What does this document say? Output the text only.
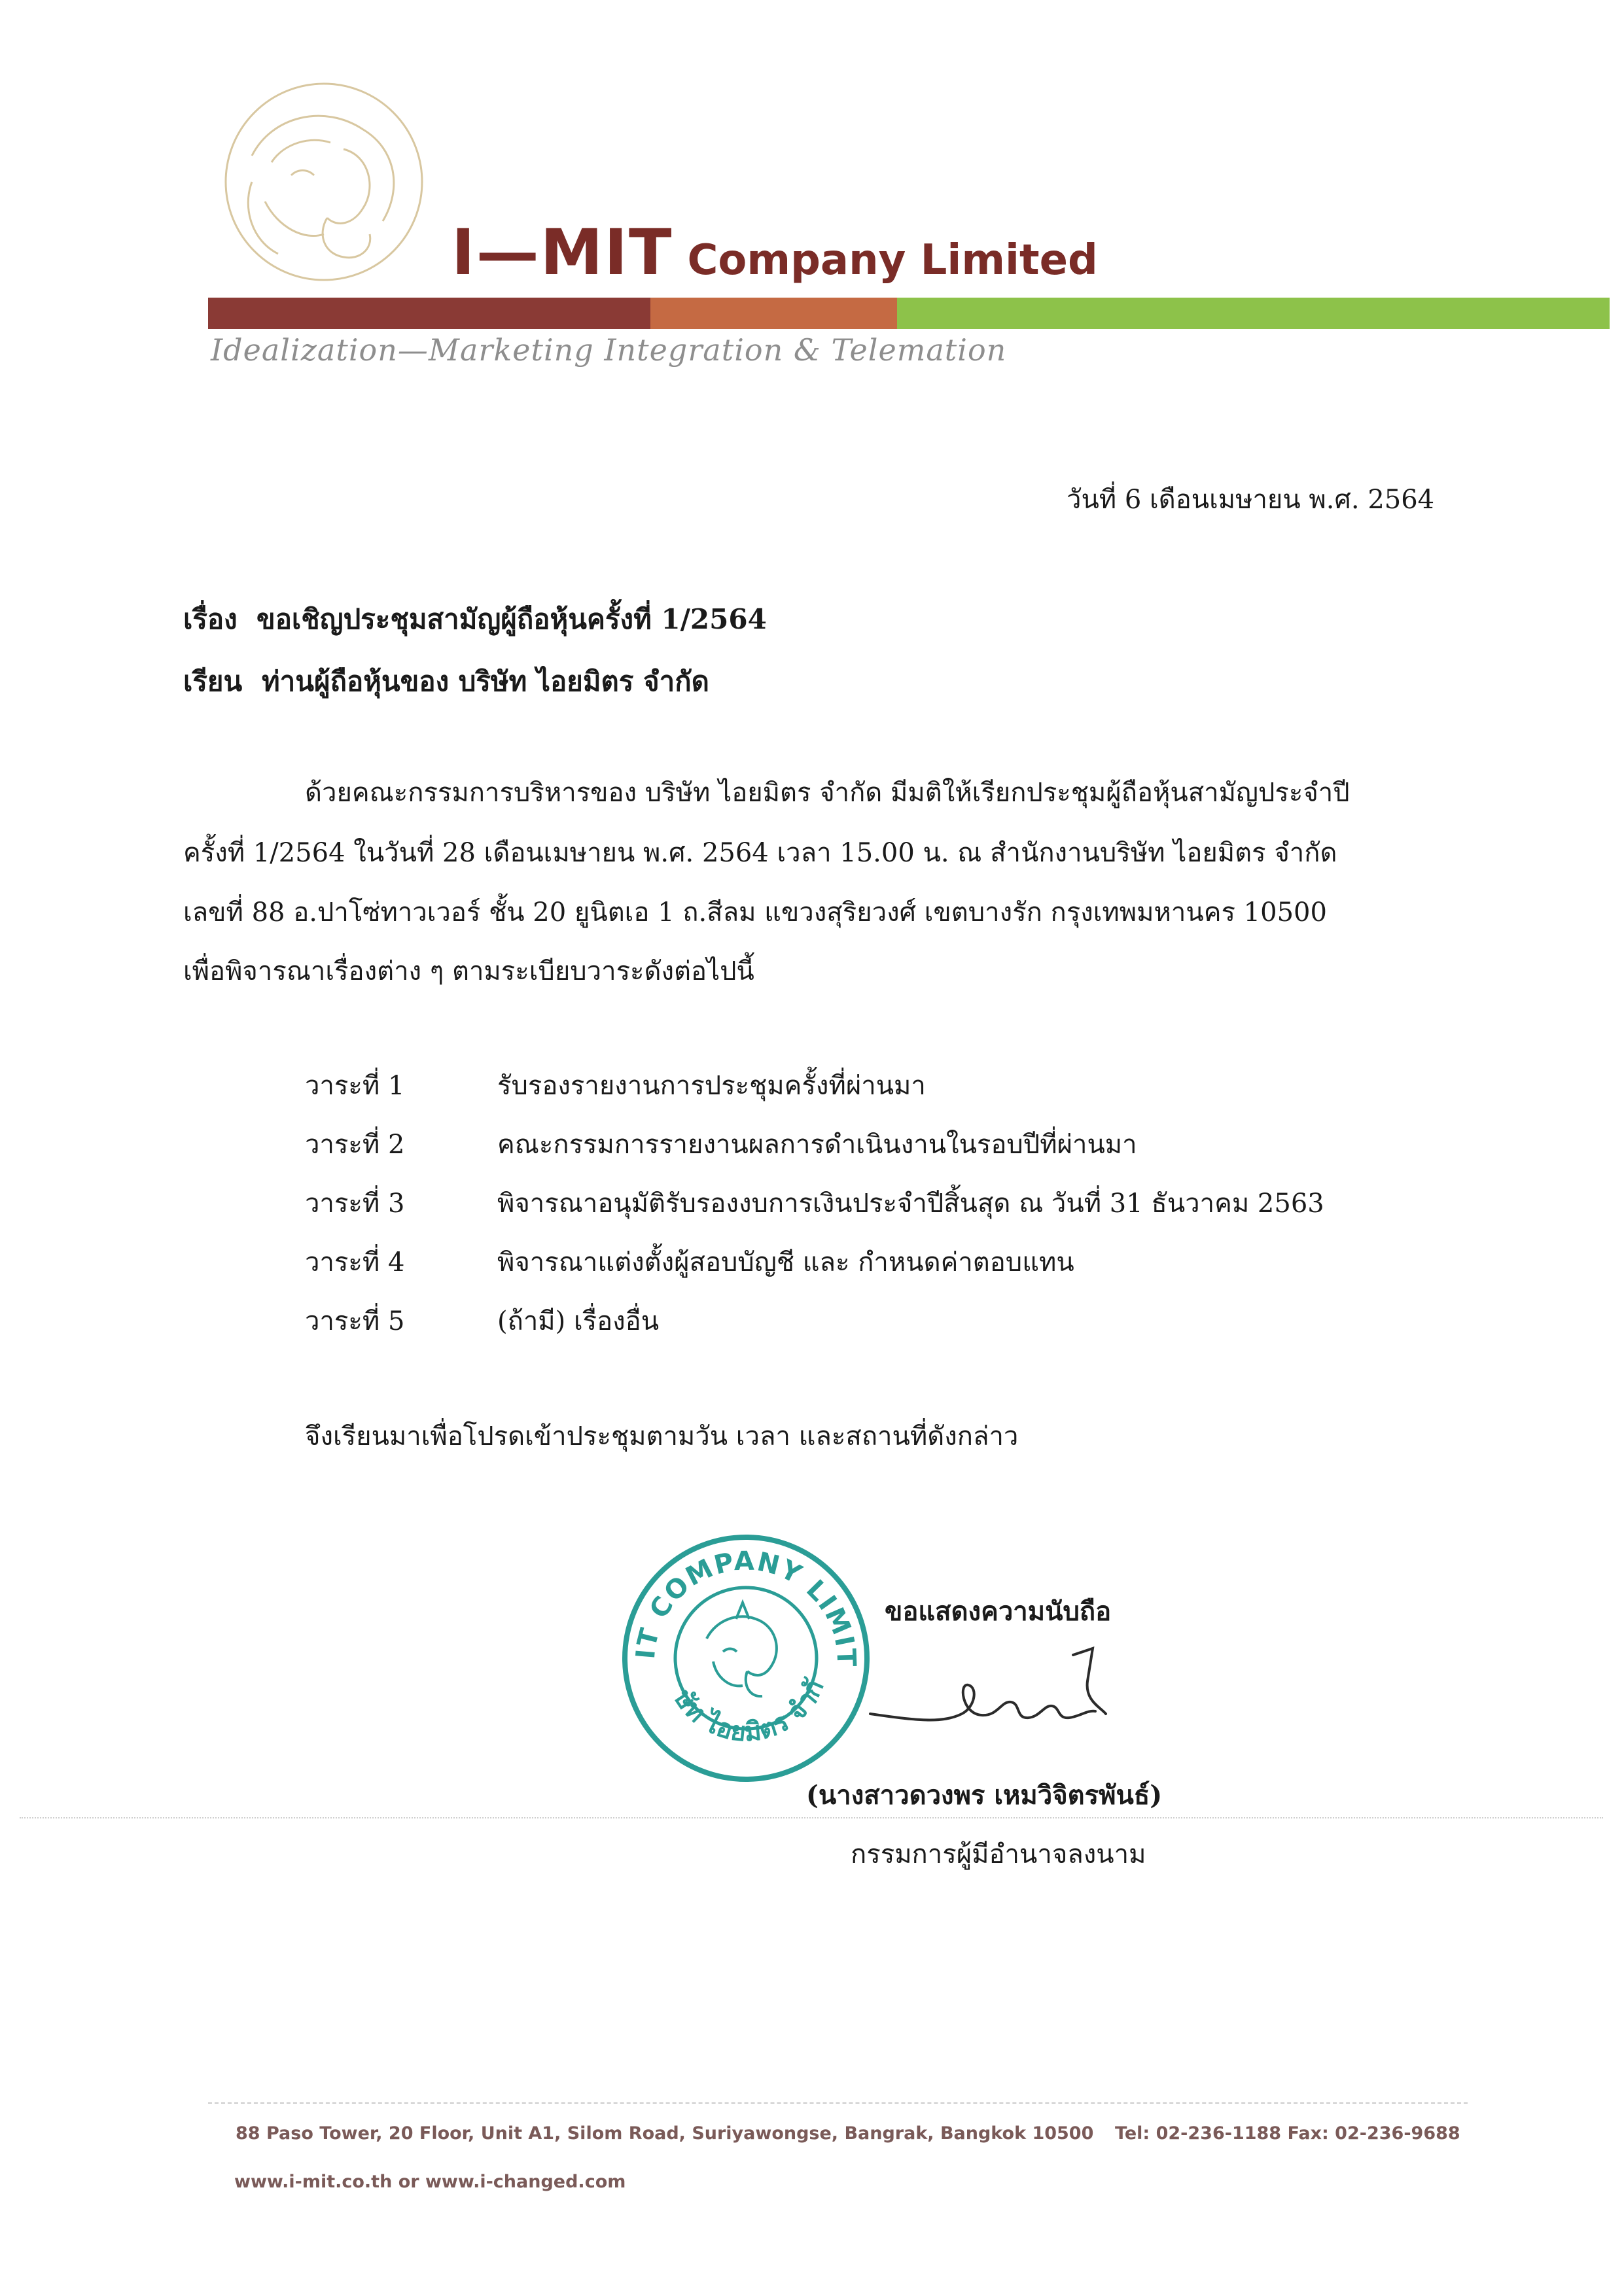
I—MIT Company Limited
Idealization—Marketing Integration & Telemation
วันที่ 6 เดือนเมษายน พ.ศ. 2564
เรื่อง ขอเชิญประชุมสามัญผู้ถือหุ้นครั้งที่ 1/2564
เรียน ท่านผู้ถือหุ้นของ บริษัท ไอยมิตร จำกัด
ด้วยคณะกรรมการบริหารของ บริษัท ไอยมิตร จำกัด มีมติให้เรียกประชุมผู้ถือหุ้นสามัญประจำปี
ครั้งที่ 1/2564 ในวันที่ 28 เดือนเมษายน พ.ศ. 2564 เวลา 15.00 น. ณ สำนักงานบริษัท ไอยมิตร จำกัด
เลขที่ 88 อ.ปาโซ่ทาวเวอร์ ชั้น 20 ยูนิตเอ 1 ถ.สีลม แขวงสุริยวงศ์ เขตบางรัก กรุงเทพมหานคร 10500
เพื่อพิจารณาเรื่องต่าง ๆ ตามระเบียบวาระดังต่อไปนี้
วาระที่ 1	รับรองรายงานการประชุมครั้งที่ผ่านมา
วาระที่ 2	คณะกรรมการรายงานผลการดำเนินงานในรอบปีที่ผ่านมา
วาระที่ 3	พิจารณาอนุมัติรับรองงบการเงินประจำปีสิ้นสุด ณ วันที่ 31 ธันวาคม 2563
วาระที่ 4	พิจารณาแต่งตั้งผู้สอบบัญชี และ กำหนดค่าตอบแทน
วาระที่ 5	(ถ้ามี) เรื่องอื่น
จึงเรียนมาเพื่อโปรดเข้าประชุมตามวัน เวลา และสถานที่ดังกล่าว
IT COMPANY LIMIT
ษัท ไอยมิตร จำกั
ขอแสดงความนับถือ
(นางสาวดวงพร เหมวิจิตรพันธ์)
กรรมการผู้มีอำนาจลงนาม
88 Paso Tower, 20 Floor, Unit A1, Silom Road, Suriyawongse, Bangrak, Bangkok 10500 Tel: 02-236-1188 Fax: 02-236-9688
www.i-mit.co.th or www.i-changed.com
